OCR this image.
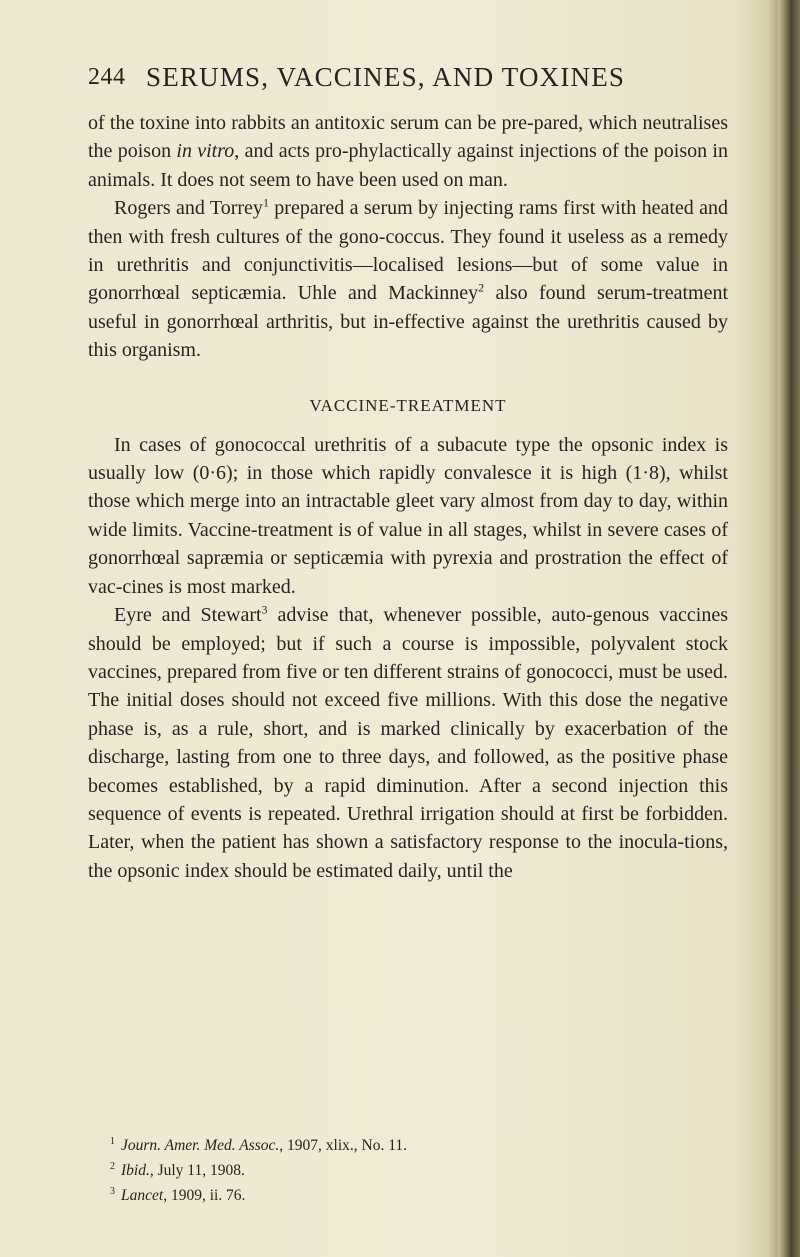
244 SERUMS, VACCINES, AND TOXINES

of the toxine into rabbits an antitoxic serum can be pre-pared, which neutralises the poison in vitro, and acts pro-phylactically against injections of the poison in animals. It does not seem to have been used on man.

Rogers and Torrey$^1$ prepared a serum by injecting rams first with heated and then with fresh cultures of the gono-coccus. They found it useless as a remedy in urethritis and conjunctivitis—localised lesions—but of some value in gonorrhœal septicæmia. Uhle and Mackinney$^2$ also found serum-treatment useful in gonorrhœal arthritis, but in-effective against the urethritis caused by this organism.

VACCINE-TREATMENT

In cases of gonococcal urethritis of a subacute type the opsonic index is usually low (0·6); in those which rapidly convalesce it is high (1·8), whilst those which merge into an intractable gleet vary almost from day to day, within wide limits. Vaccine-treatment is of value in all stages, whilst in severe cases of gonorrhœal sapræmia or septicæmia with pyrexia and prostration the effect of vac-cines is most marked.

Eyre and Stewart$^3$ advise that, whenever possible, auto-genous vaccines should be employed; but if such a course is impossible, polyvalent stock vaccines, prepared from five or ten different strains of gonococci, must be used. The initial doses should not exceed five millions. With this dose the negative phase is, as a rule, short, and is marked clinically by exacerbation of the discharge, lasting from one to three days, and followed, as the positive phase becomes established, by a rapid diminution. After a second injection this sequence of events is repeated. Urethral irrigation should at first be forbidden. Later, when the patient has shown a satisfactory response to the inocula-tions, the opsonic index should be estimated daily, until the

$^1$ Journ. Amer. Med. Assoc., 1907, xlix., No. 11.
$^2$ Ibid., July 11, 1908.
$^3$ Lancet, 1909, ii. 76.
